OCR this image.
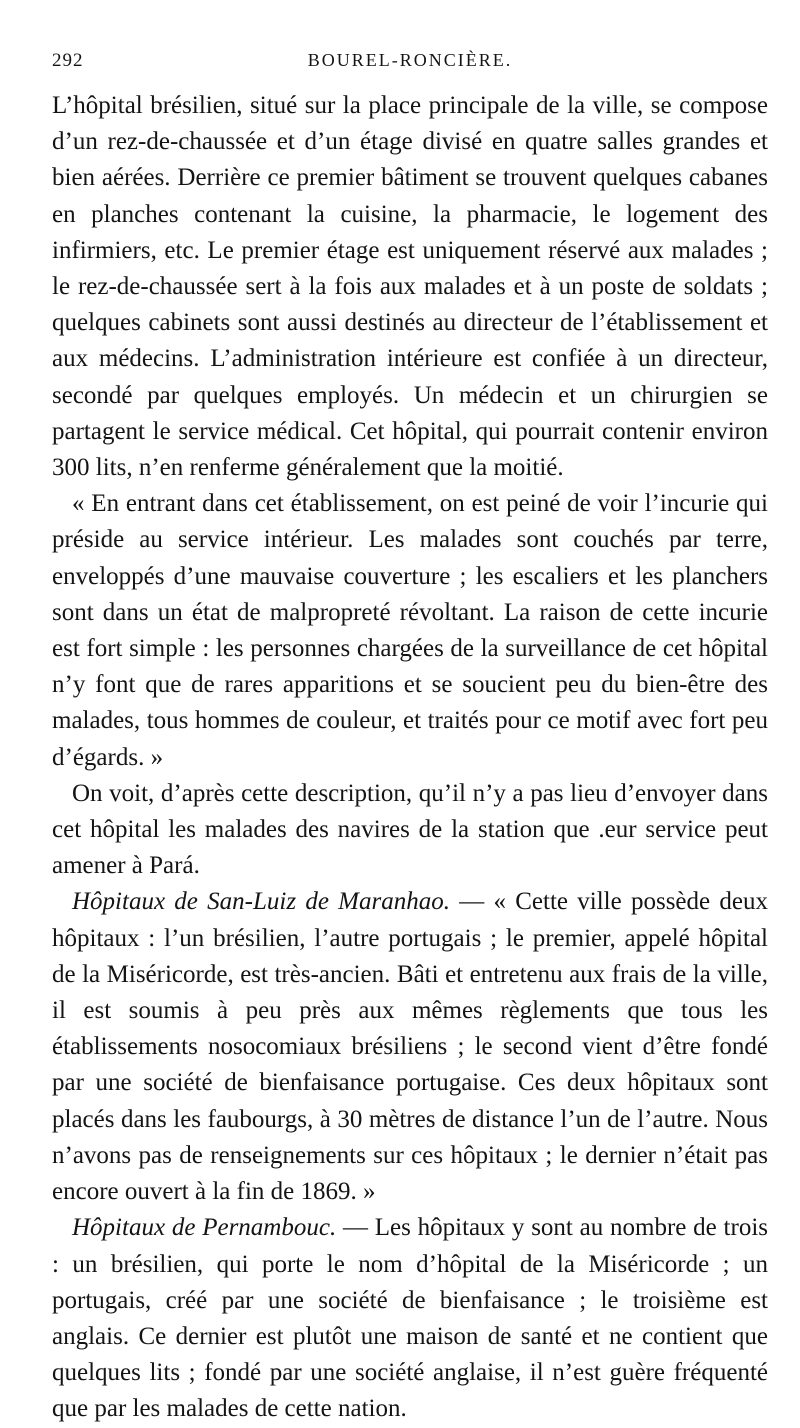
292	BOUREL-RONCIÈRE.

L’hôpital brésilien, situé sur la place principale de la ville, se compose d’un rez-de-chaussée et d’un étage divisé en quatre salles grandes et bien aérées. Derrière ce premier bâtiment se trouvent quelques cabanes en planches contenant la cuisine, la pharmacie, le logement des infirmiers, etc. Le premier étage est uniquement réservé aux malades ; le rez-de-chaussée sert à la fois aux malades et à un poste de soldats ; quelques cabinets sont aussi destinés au directeur de l’établissement et aux médecins. L’administration intérieure est confiée à un directeur, secondé par quelques employés. Un médecin et un chirurgien se partagent le service médical. Cet hôpital, qui pourrait contenir environ 300 lits, n’en renferme généralement que la moitié.

« En entrant dans cet établissement, on est peiné de voir l’incurie qui préside au service intérieur. Les malades sont couchés par terre, enveloppés d’une mauvaise couverture ; les escaliers et les planchers sont dans un état de malpropreté révoltant. La raison de cette incurie est fort simple : les personnes chargées de la surveillance de cet hôpital n’y font que de rares apparitions et se soucient peu du bien-être des malades, tous hommes de couleur, et traités pour ce motif avec fort peu d’égards. »

On voit, d’après cette description, qu’il n’y a pas lieu d’envoyer dans cet hôpital les malades des navires de la station que .eur service peut amener à Pará.

Hôpitaux de San-Luiz de Maranhao. — « Cette ville possède deux hôpitaux : l’un brésilien, l’autre portugais ; le premier, appelé hôpital de la Miséricorde, est très-ancien. Bâti et entretenu aux frais de la ville, il est soumis à peu près aux mêmes règlements que tous les établissements nosocomiaux brésiliens ; le second vient d’être fondé par une société de bienfaisance portugaise. Ces deux hôpitaux sont placés dans les faubourgs, à 30 mètres de distance l’un de l’autre. Nous n’avons pas de renseignements sur ces hôpitaux ; le dernier n’était pas encore ouvert à la fin de 1869. »

Hôpitaux de Pernambouc. — Les hôpitaux y sont au nombre de trois : un brésilien, qui porte le nom d’hôpital de la Miséricorde ; un portugais, créé par une société de bienfaisance ; le troisième est anglais. Ce dernier est plutôt une maison de santé et ne contient que quelques lits ; fondé par une société anglaise, il n’est guère fréquenté que par les malades de cette nation.
